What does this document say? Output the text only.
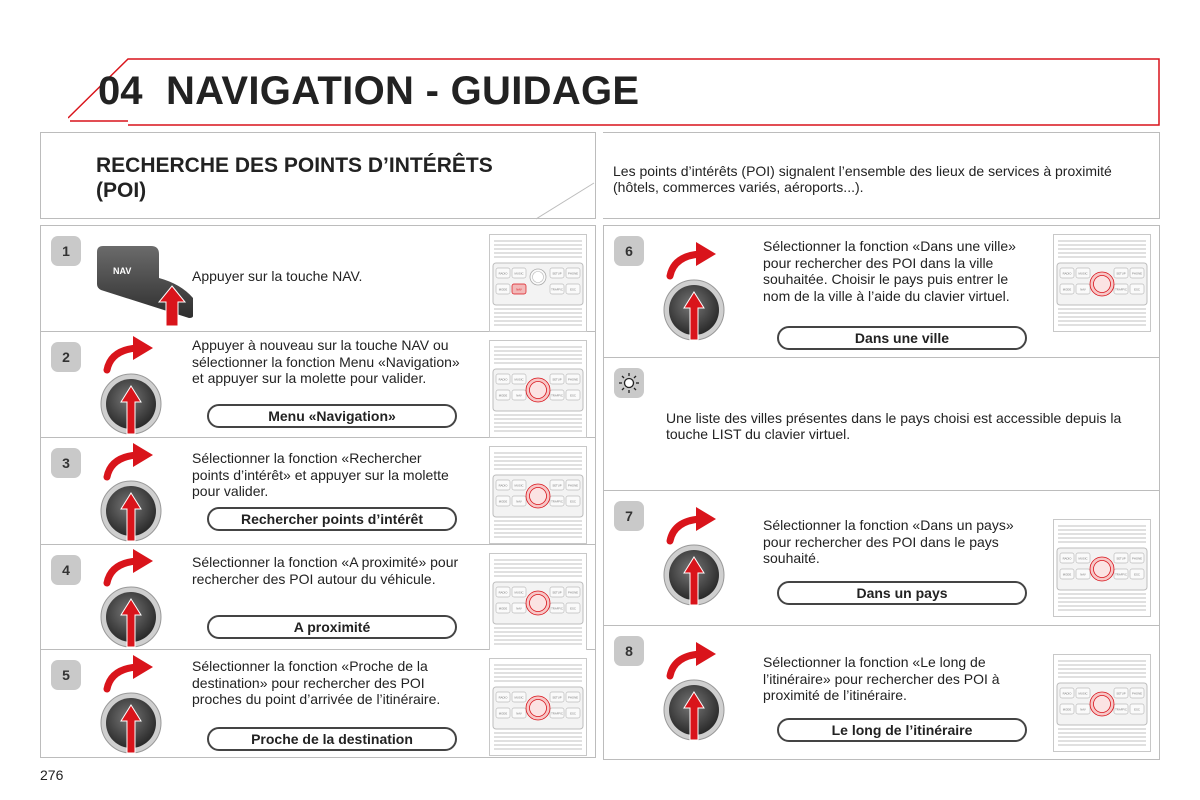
04 NAVIGATION - GUIDAGE
RECHERCHE DES POINTS D’INTÉRÊTS
(POI)
Les points d’intérêts (POI) signalent l’ensemble des lieux de services à proximité (hôtels, commerces variés, aéroports...).
1
NAV	Appuyer sur la touche NAV.	RADIO	MUSIC	SETUP PHONE
MODE	NAV	TRAFFIC	ESC
2
Appuyer à nouveau sur la touche NAV ou sélectionner la fonction Menu «Navigation» et appuyer sur la molette pour valider.
Menu «Navigation»
RADIO	MUSIC	SETUP PHONE
MODE	NAV	TRAFFIC	ESC
3	Sélectionner la fonction «Rechercher points d’intérêt» et appuyer sur la molette pour valider.
Rechercher points d’intérêt
RADIO	MUSIC	SETUP PHONE
MODE	NAV	TRAFFIC	ESC
4	Sélectionner la fonction «A proximité» pour rechercher des POI autour du véhicule.
A proximité
RADIO	MUSIC	SETUP PHONE
MODE	NAV	TRAFFIC	ESC
5
Sélectionner la fonction «Proche de la destination» pour rechercher des POI proches du point d’arrivée de l’itinéraire.
Proche de la destination
RADIO	MUSIC	SETUP PHONE
MODE	NAV	TRAFFIC	ESC
6	Sélectionner la fonction «Dans une ville» pour rechercher des POI dans la ville souhaitée. Choisir le pays puis entrer le nom de la ville à l’aide du clavier virtuel.
Dans une ville
RADIO	MUSIC	SETUP PHONE
MODE	NAV	TRAFFIC	ESC
Une liste des villes présentes dans le pays choisi est accessible depuis la touche LIST du clavier virtuel.
7
Sélectionner la fonction «Dans un pays» pour rechercher des POI dans le pays souhaité.
Dans un pays
RADIO	MUSIC	SETUP PHONE
MODE	NAV	TRAFFIC	ESC
8
Sélectionner la fonction «Le long de l’itinéraire» pour rechercher des POI à proximité de l’itinéraire.
Le long de l’itinéraire
RADIO	MUSIC	SETUP PHONE
MODE	NAV	TRAFFIC	ESC
276
